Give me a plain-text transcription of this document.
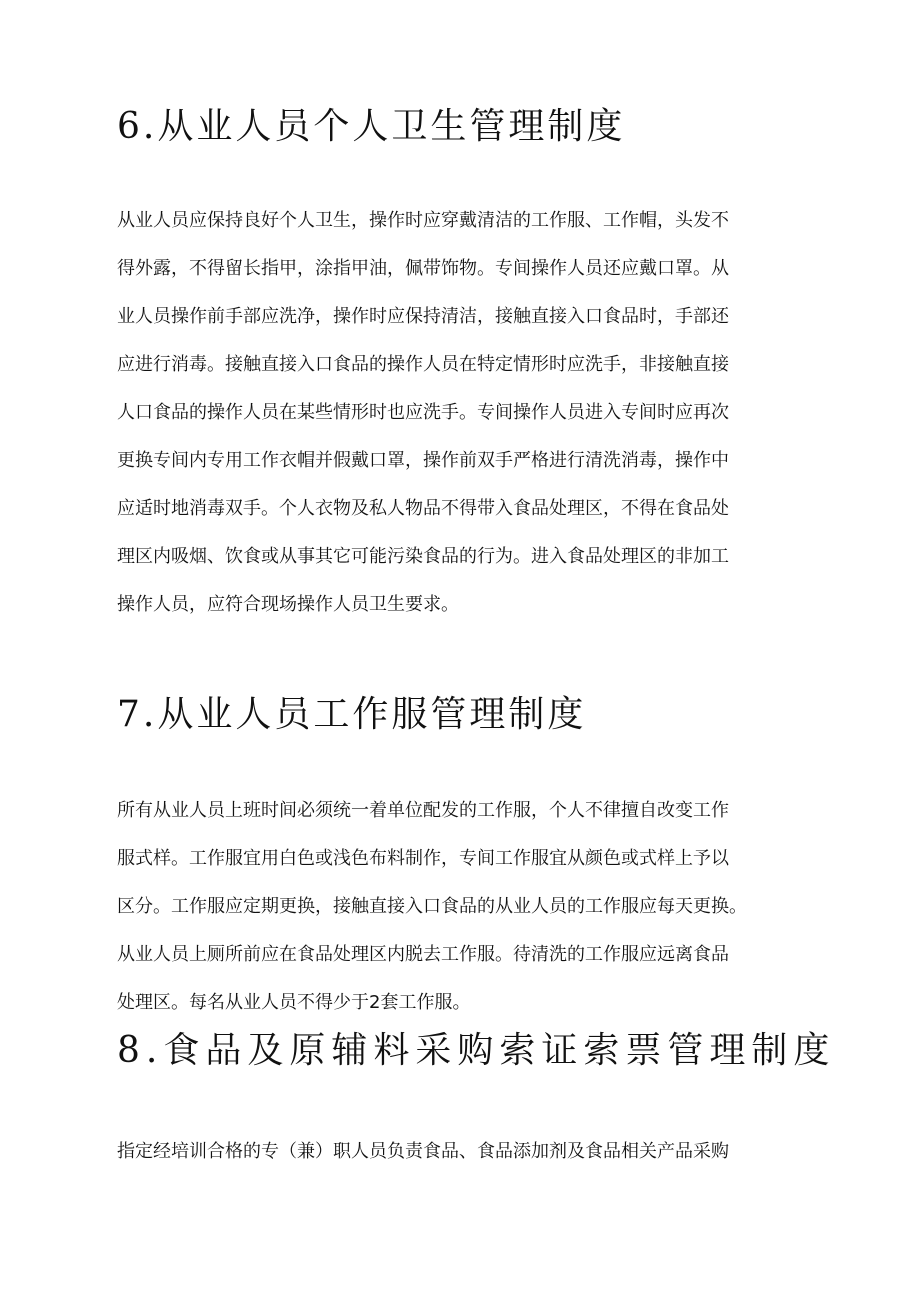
6.从业人员个人卫生管理制度
从业人员应保持良好个人卫生，操作时应穿戴清洁的工作服、工作帽，头发不
得外露，不得留长指甲，涂指甲油，佩带饰物。专间操作人员还应戴口罩。从
业人员操作前手部应洗净，操作时应保持清洁，接触直接入口食品时，手部还
应进行消毒。接触直接入口食品的操作人员在特定情形时应洗手，非接触直接
人口食品的操作人员在某些情形时也应洗手。专间操作人员进入专间时应再次
更换专间内专用工作衣帽并假戴口罩，操作前双手严格进行清洗消毒，操作中
应适时地消毒双手。个人衣物及私人物品不得带入食品处理区，不得在食品处
理区内吸烟、饮食或从事其它可能污染食品的行为。进入食品处理区的非加工
操作人员，应符合现场操作人员卫生要求。
7.从业人员工作服管理制度
所有从业人员上班时间必须统一着单位配发的工作服，个人不律擅自改变工作
服式样。工作服宜用白色或浅色布料制作，专间工作服宜从颜色或式样上予以
区分。工作服应定期更换，接触直接入口食品的从业人员的工作服应每天更换。
从业人员上厕所前应在食品处理区内脱去工作服。待清洗的工作服应远离食品
处理区。每名从业人员不得少于2套工作服。
8.食品及原辅料采购索证索票管理制度
指定经培训合格的专（兼）职人员负责食品、食品添加剂及食品相关产品采购
